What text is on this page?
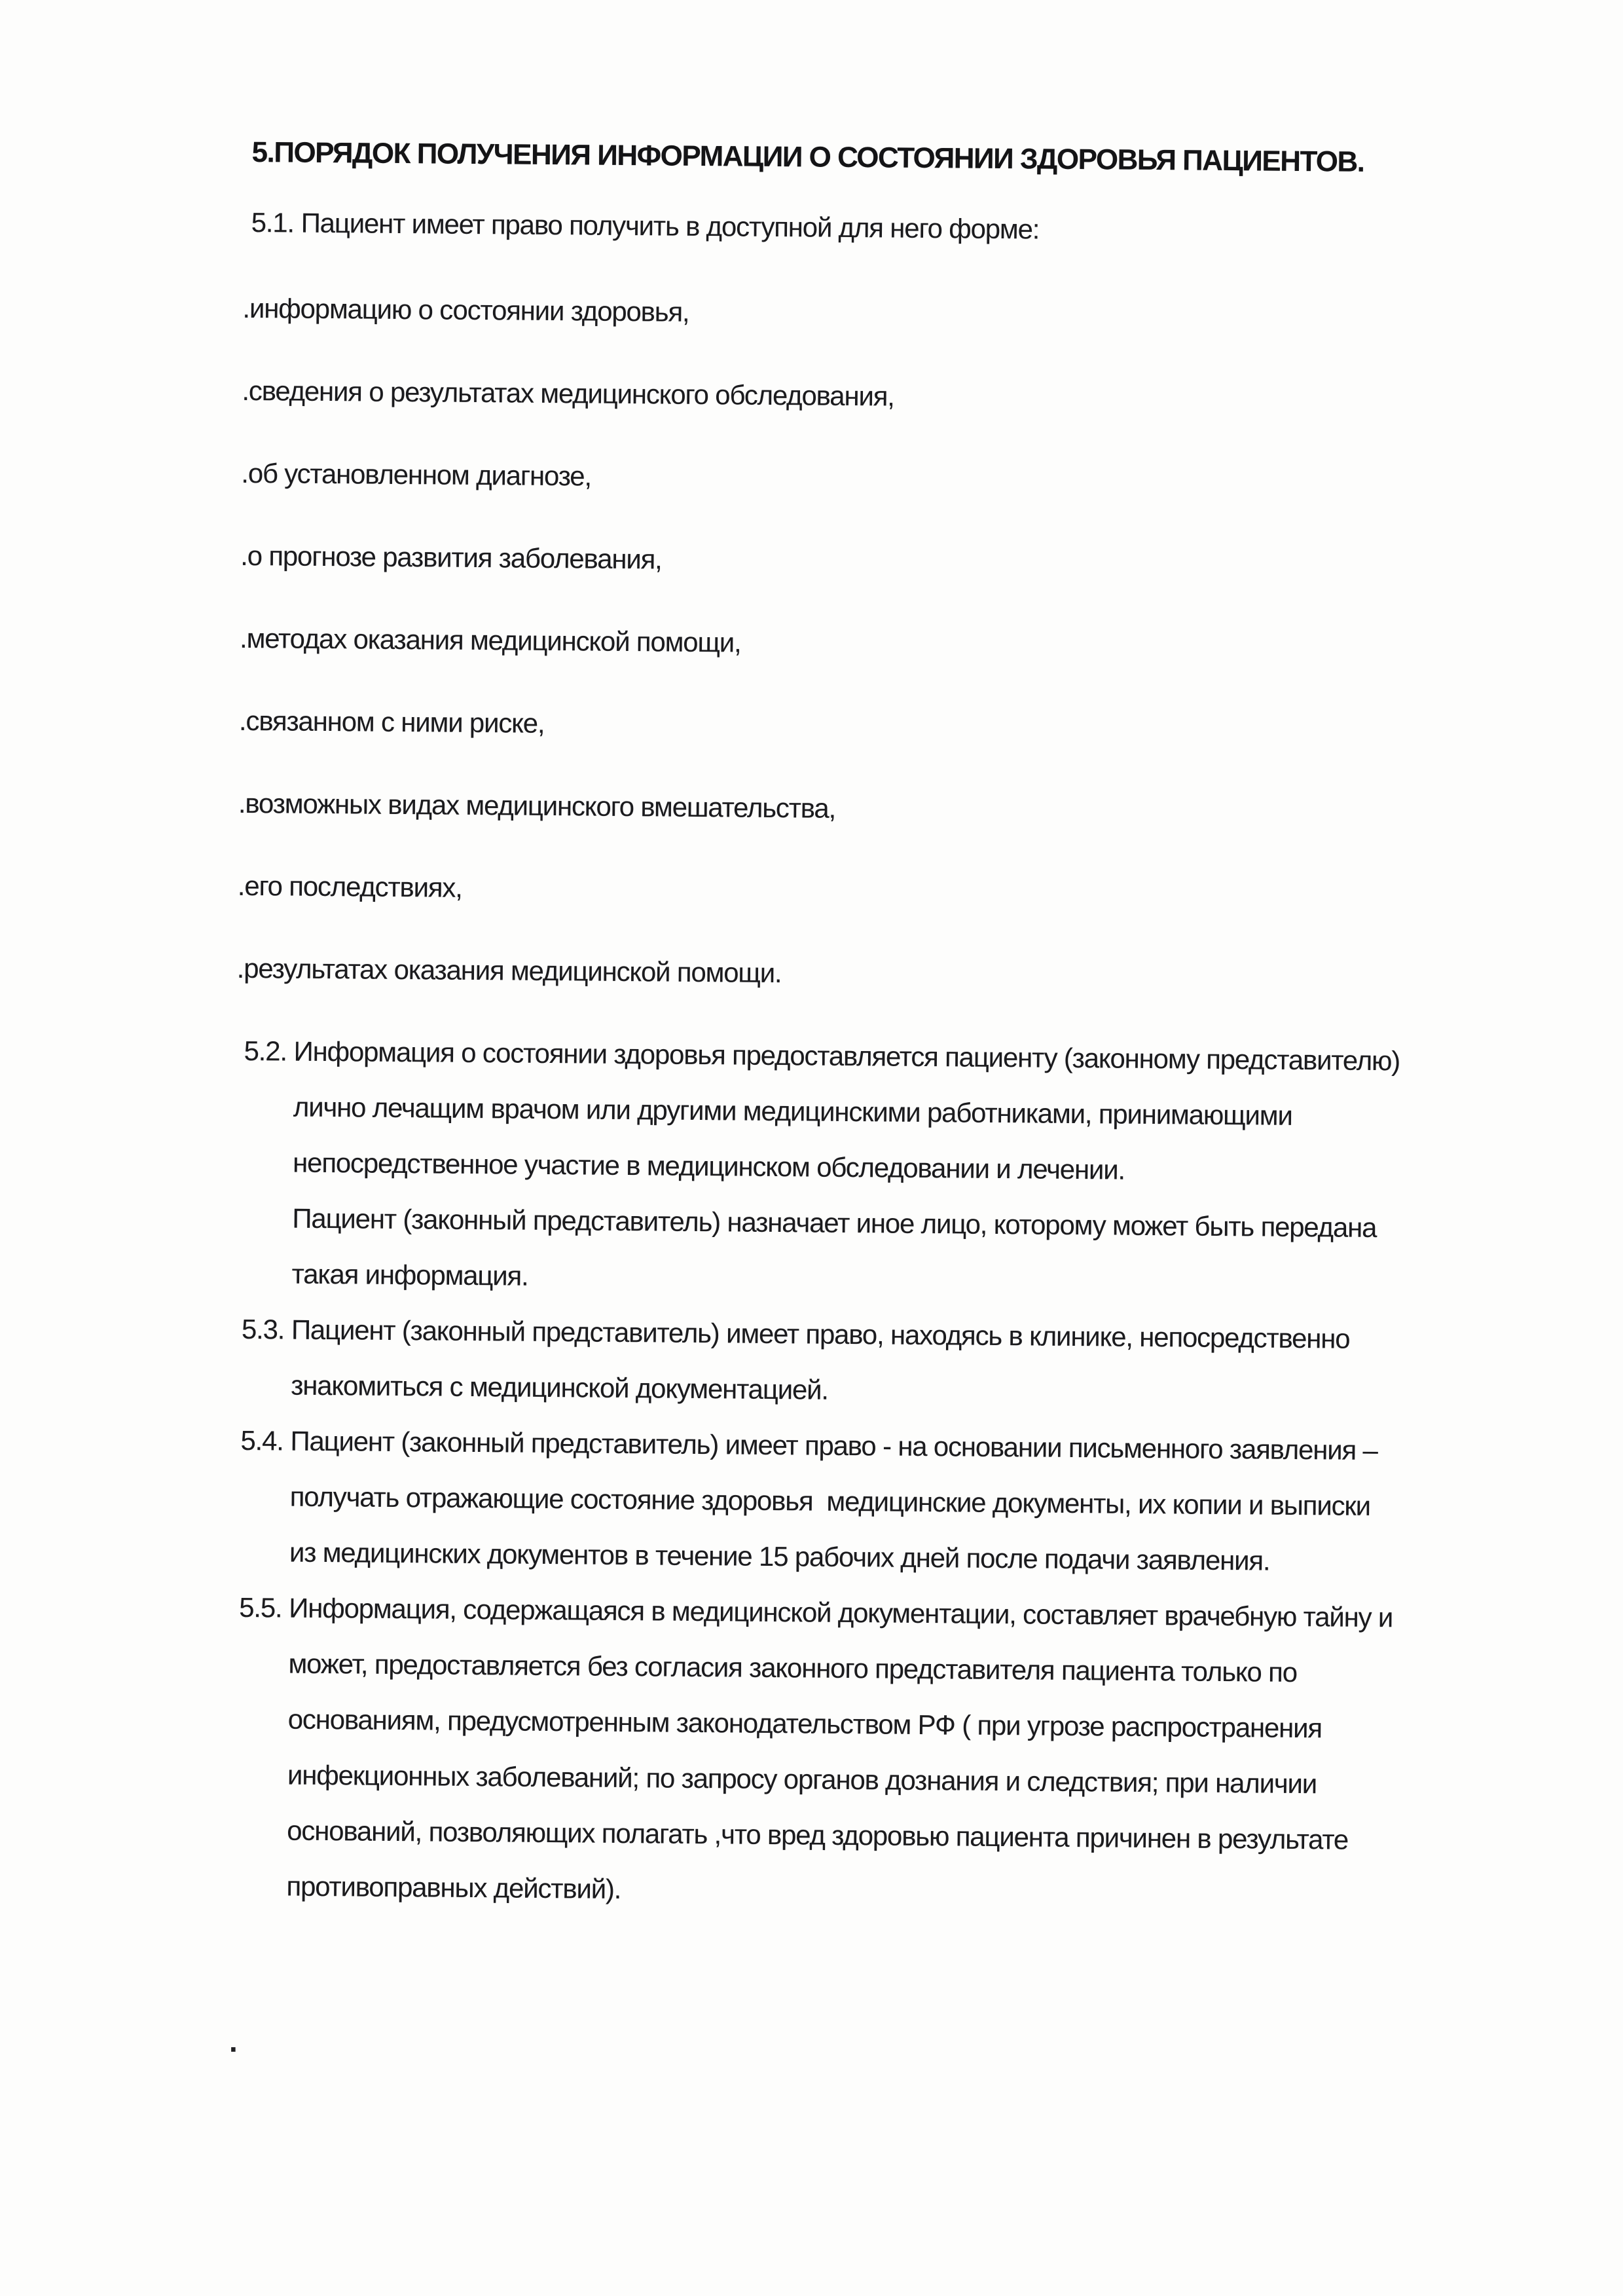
5.ПОРЯДОК ПОЛУЧЕНИЯ ИНФОРМАЦИИ О СОСТОЯНИИ ЗДОРОВЬЯ ПАЦИЕНТОВ.
5.1. Пациент имеет право получить в доступной для него форме:
.информацию о состоянии здоровья,
.сведения о результатах медицинского обследования,
.об установленном диагнозе,
.о прогнозе развития заболевания,
.методах оказания медицинской помощи,
.связанном с ними риске,
.возможных видах медицинского вмешательства,
.его последствиях,
.результатах оказания медицинской помощи.
5.2. Информация о состоянии здоровья предоставляется пациенту (законному представителю)
лично лечащим врачом или другими медицинскими работниками, принимающими
непосредственное участие в медицинском обследовании и лечении.
Пациент (законный представитель) назначает иное лицо, которому может быть передана
такая информация.
5.3. Пациент (законный представитель) имеет право, находясь в клинике, непосредственно
знакомиться с медицинской документацией.
5.4. Пациент (законный представитель) имеет право - на основании письменного заявления –
получать отражающие состояние здоровья  медицинские документы, их копии и выписки
из медицинских документов в течение 15 рабочих дней после подачи заявления.
5.5. Информация, содержащаяся в медицинской документации, составляет врачебную тайну и
может, предоставляется без согласия законного представителя пациента только по
основаниям, предусмотренным законодательством РФ ( при угрозе распространения
инфекционных заболеваний; по запросу органов дознания и следствия; при наличии
оснований, позволяющих полагать ,что вред здоровью пациента причинен в результате
противоправных действий).
.
